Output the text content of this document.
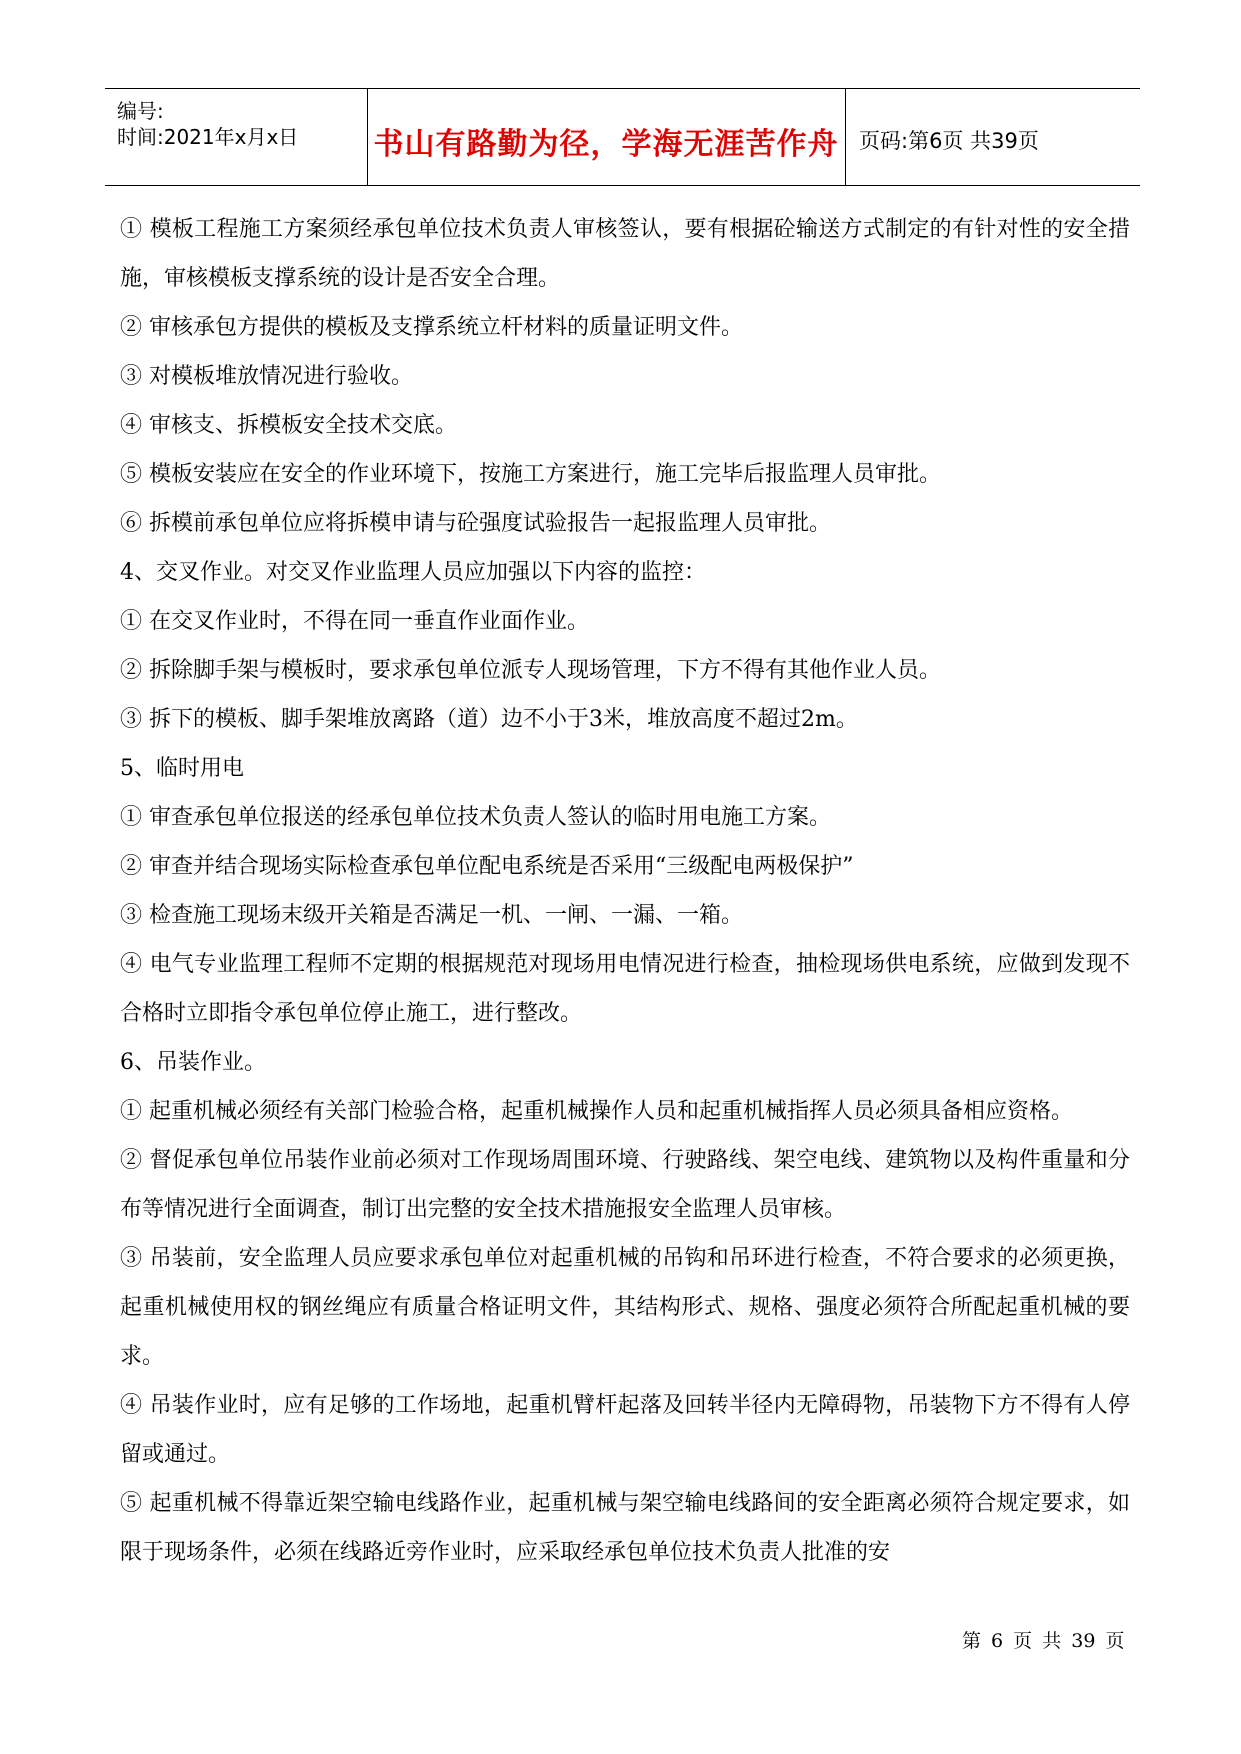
编号:
时间:2021年x月x日	书山有路勤为径，学海无涯苦作舟 页码:第6页 共39页

① 模板工程施工方案须经承包单位技术负责人审核签认，要有根据砼输送方式制定的有针对性的安全措施，审核模板支撑系统的设计是否安全合理。

② 审核承包方提供的模板及支撑系统立杆材料的质量证明文件。

③ 对模板堆放情况进行验收。

④ 审核支、拆模板安全技术交底。

⑤ 模板安装应在安全的作业环境下，按施工方案进行，施工完毕后报监理人员审批。

⑥ 拆模前承包单位应将拆模申请与砼强度试验报告一起报监理人员审批。

4、交叉作业。对交叉作业监理人员应加强以下内容的监控：

① 在交叉作业时，不得在同一垂直作业面作业。

② 拆除脚手架与模板时，要求承包单位派专人现场管理，下方不得有其他作业人员。

③ 拆下的模板、脚手架堆放离路（道）边不小于3米，堆放高度不超过2m。

5、临时用电

① 审查承包单位报送的经承包单位技术负责人签认的临时用电施工方案。

② 审查并结合现场实际检查承包单位配电系统是否采用“三级配电两极保护”

③ 检查施工现场末级开关箱是否满足一机、一闸、一漏、一箱。

④ 电气专业监理工程师不定期的根据规范对现场用电情况进行检查，抽检现场供电系统，应做到发现不合格时立即指令承包单位停止施工，进行整改。

6、吊装作业。

① 起重机械必须经有关部门检验合格，起重机械操作人员和起重机械指挥人员必须具备相应资格。

② 督促承包单位吊装作业前必须对工作现场周围环境、行驶路线、架空电线、建筑物以及构件重量和分布等情况进行全面调查，制订出完整的安全技术措施报安全监理人员审核。

③ 吊装前，安全监理人员应要求承包单位对起重机械的吊钩和吊环进行检查，不符合要求的必须更换，起重机械使用权的钢丝绳应有质量合格证明文件，其结构形式、规格、强度必须符合所配起重机械的要求。

④ 吊装作业时，应有足够的工作场地，起重机臂杆起落及回转半径内无障碍物，吊装物下方不得有人停留或通过。

⑤ 起重机械不得靠近架空输电线路作业，起重机械与架空输电线路间的安全距离必须符合规定要求，如限于现场条件，必须在线路近旁作业时，应采取经承包单位技术负责人批准的安

第 6 页 共 39 页
